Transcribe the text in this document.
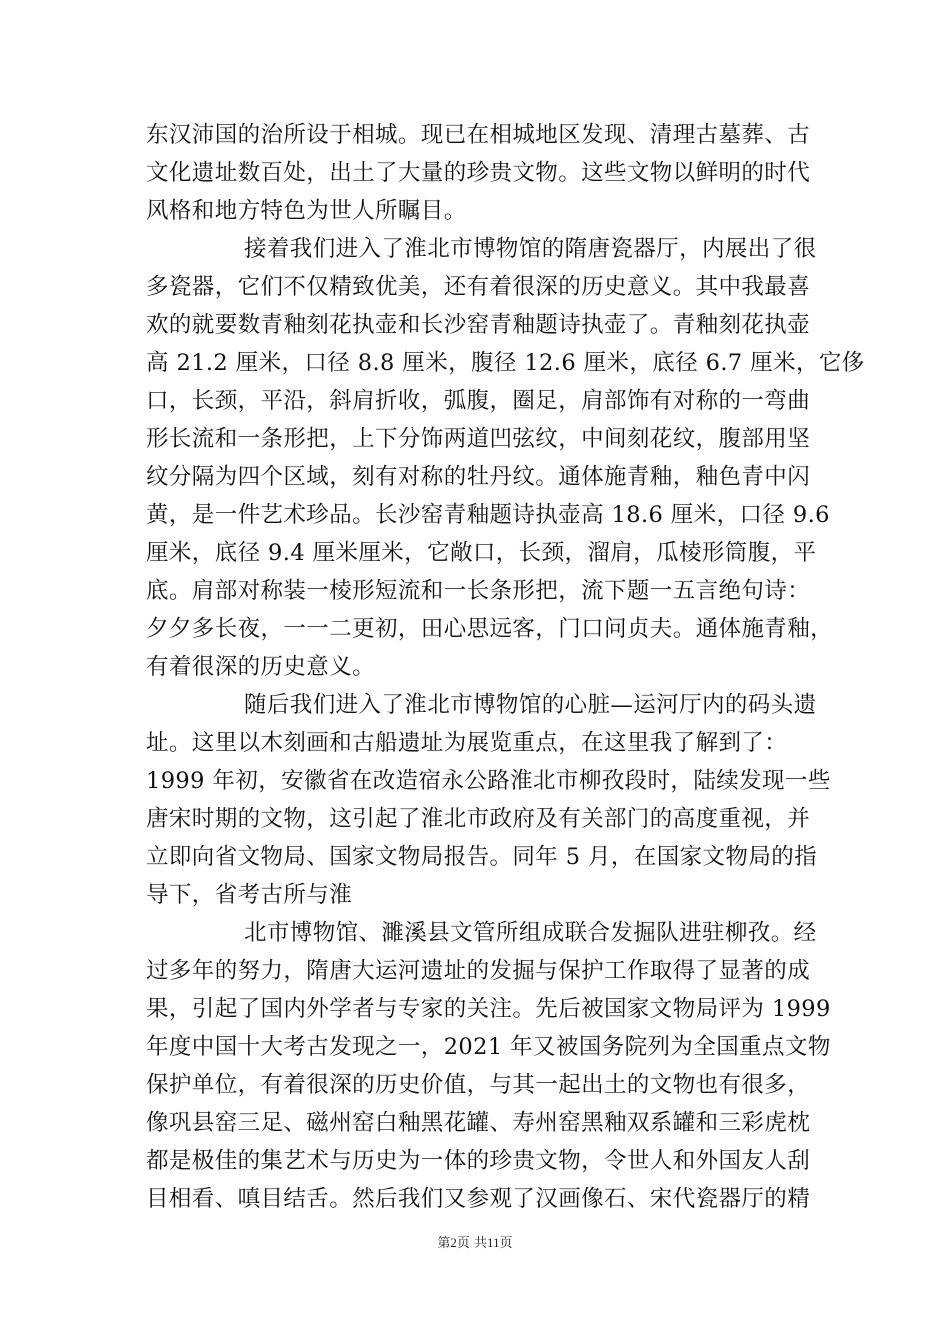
东汉沛国的治所设于相城。现已在相城地区发现、清理古墓葬、古
文化遗址数百处，出土了大量的珍贵文物。这些文物以鲜明的时代
风格和地方特色为世人所瞩目。
接着我们进入了淮北市博物馆的隋唐瓷器厅，内展出了很
多瓷器，它们不仅精致优美，还有着很深的历史意义。其中我最喜
欢的就要数青釉刻花执壶和长沙窑青釉题诗执壶了。青釉刻花执壶
高 21.2 厘米，口径 8.8 厘米，腹径 12.6 厘米，底径 6.7 厘米，它侈
口，长颈，平沿，斜肩折收，弧腹，圈足，肩部饰有对称的一弯曲
形长流和一条形把，上下分饰两道凹弦纹，中间刻花纹，腹部用坚
纹分隔为四个区域，刻有对称的牡丹纹。通体施青釉，釉色青中闪
黄，是一件艺术珍品。长沙窑青釉题诗执壶高 18.6 厘米，口径 9.6
厘米，底径 9.4 厘米厘米，它敞口，长颈，溜肩，瓜棱形筒腹，平
底。肩部对称装一棱形短流和一长条形把，流下题一五言绝句诗：
夕夕多长夜，一一二更初，田心思远客，门口问贞夫。通体施青釉，
有着很深的历史意义。
随后我们进入了淮北市博物馆的心脏—运河厅内的码头遗
址。这里以木刻画和古船遗址为展览重点，在这里我了解到了：
1999 年初，安徽省在改造宿永公路淮北市柳孜段时，陆续发现一些
唐宋时期的文物，这引起了淮北市政府及有关部门的高度重视，并
立即向省文物局、国家文物局报告。同年 5 月，在国家文物局的指
导下，省考古所与淮
北市博物馆、濉溪县文管所组成联合发掘队进驻柳孜。经
过多年的努力，隋唐大运河遗址的发掘与保护工作取得了显著的成
果，引起了国内外学者与专家的关注。先后被国家文物局评为 1999
年度中国十大考古发现之一，2021 年又被国务院列为全国重点文物
保护单位，有着很深的历史价值，与其一起出土的文物也有很多，
像巩县窑三足、磁州窑白釉黑花罐、寿州窑黑釉双系罐和三彩虎枕
都是极佳的集艺术与历史为一体的珍贵文物，令世人和外国友人刮
目相看、嗔目结舌。然后我们又参观了汉画像石、宋代瓷器厅的精
第2页 共11页
